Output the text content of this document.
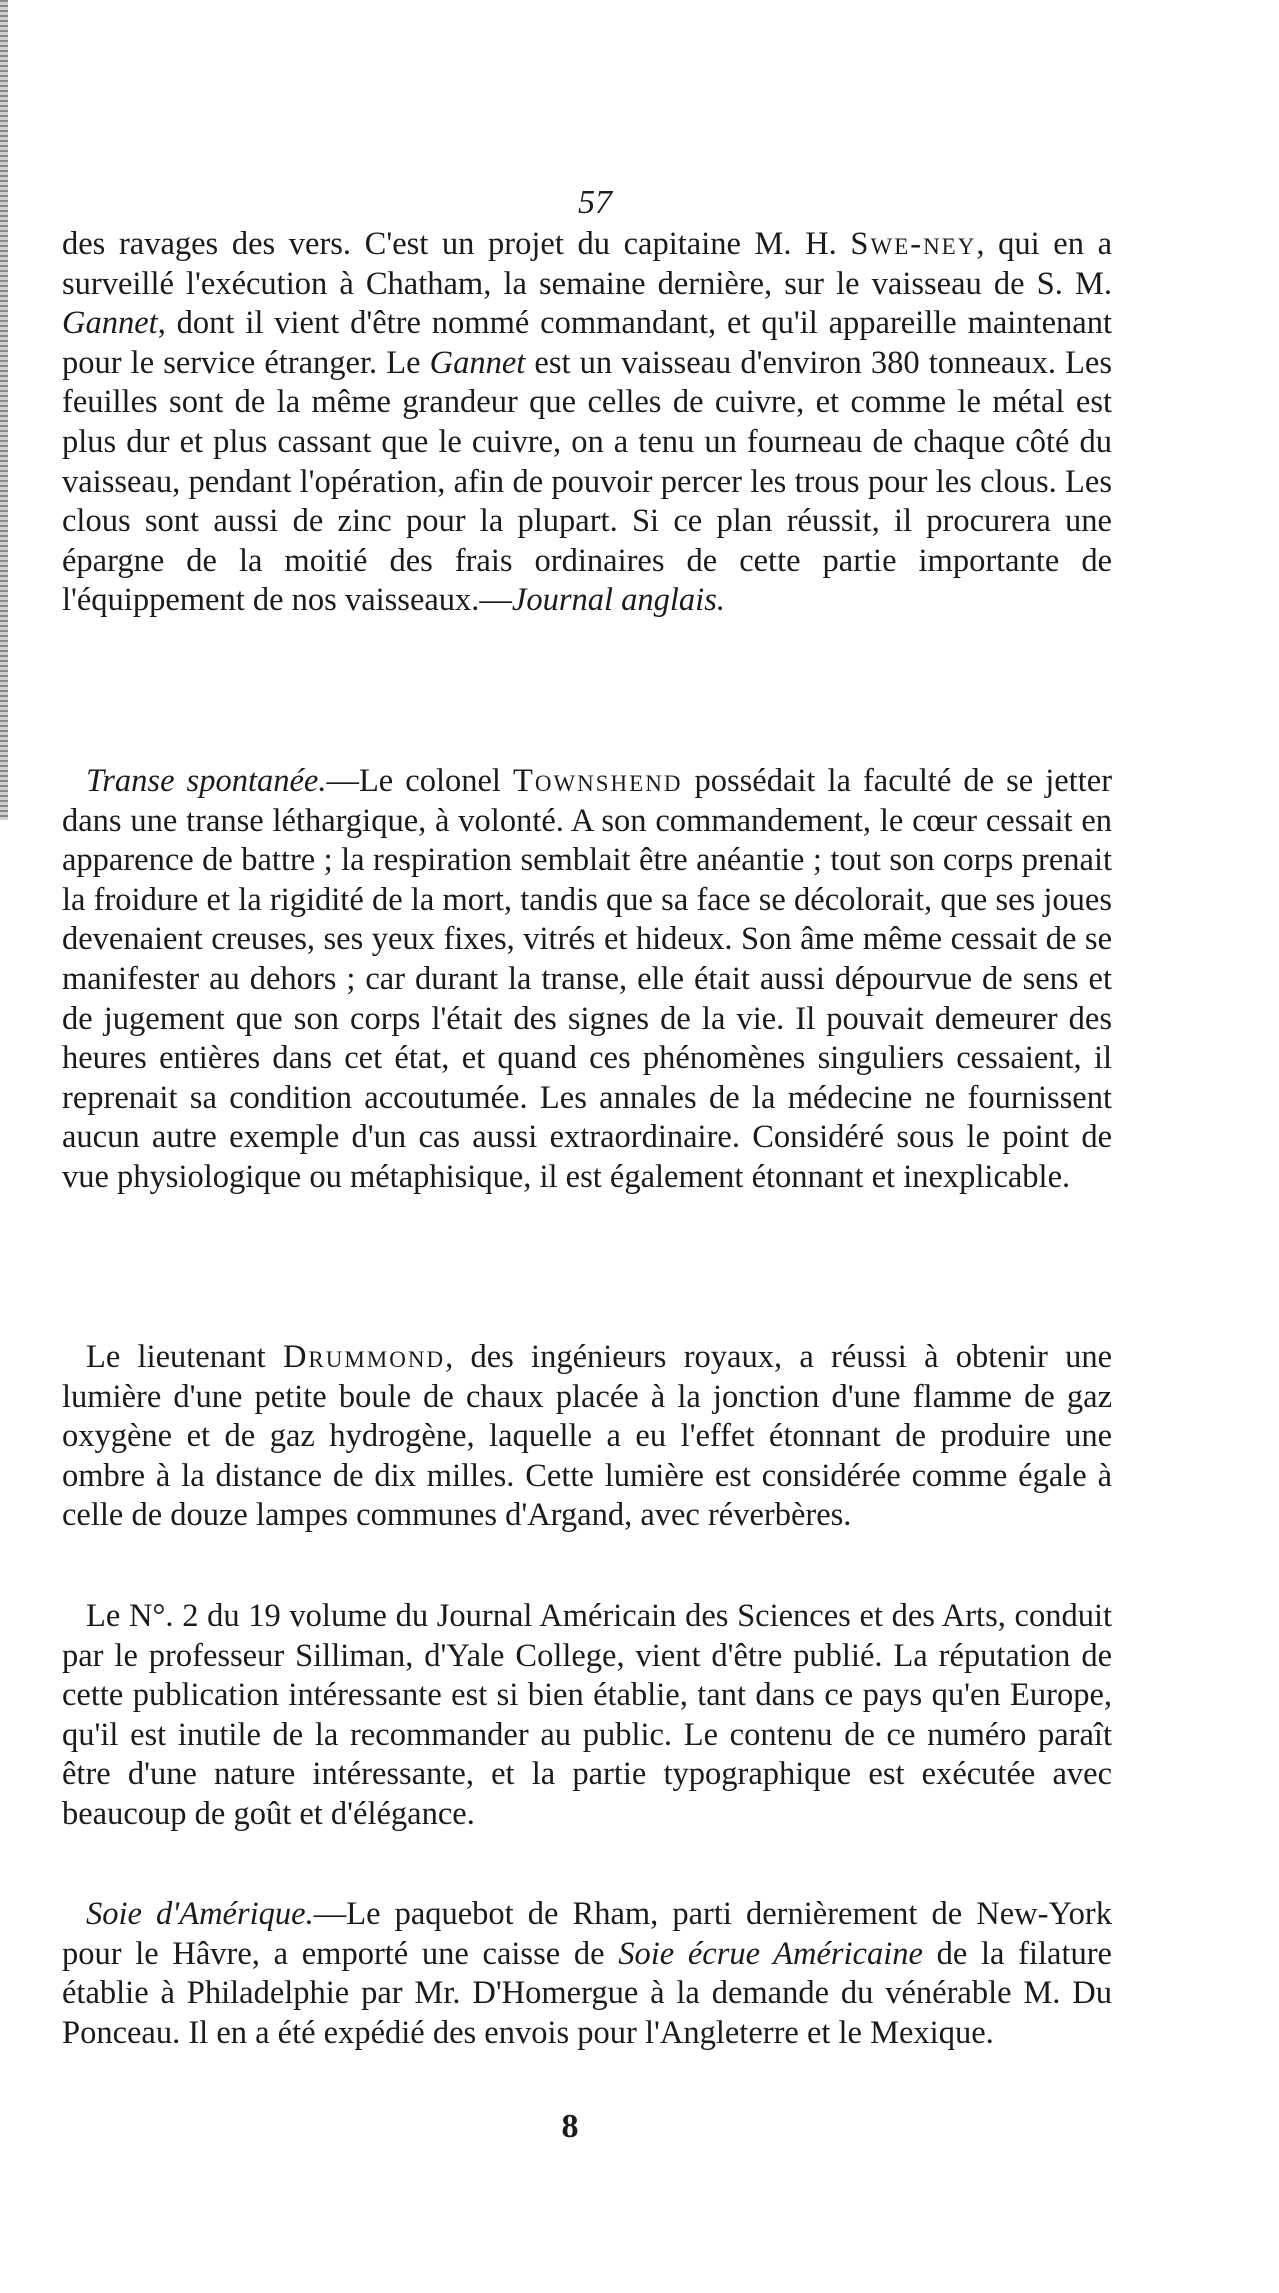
57

des ravages des vers. C'est un projet du capitaine M. H. Swe-ney, qui en a surveillé l'exécution à Chatham, la semaine dernière, sur le vaisseau de S. M. Gannet, dont il vient d'être nommé commandant, et qu'il appareille maintenant pour le service étranger. Le Gannet est un vaisseau d'environ 380 tonneaux. Les feuilles sont de la même grandeur que celles de cuivre, et comme le métal est plus dur et plus cassant que le cuivre, on a tenu un fourneau de chaque côté du vaisseau, pendant l'opération, afin de pouvoir percer les trous pour les clous. Les clous sont aussi de zinc pour la plupart. Si ce plan réussit, il procurera une épargne de la moitié des frais ordinaires de cette partie importante de l'équippement de nos vaisseaux.—Journal anglais.

Transe spontanée.—Le colonel Townshend possédait la faculté de se jetter dans une transe léthargique, à volonté. A son commandement, le cœur cessait en apparence de battre ; la respiration semblait être anéantie ; tout son corps prenait la froidure et la rigidité de la mort, tandis que sa face se décolorait, que ses joues devenaient creuses, ses yeux fixes, vitrés et hideux. Son âme même cessait de se manifester au dehors ; car durant la transe, elle était aussi dépourvue de sens et de jugement que son corps l'était des signes de la vie. Il pouvait demeurer des heures entières dans cet état, et quand ces phénomènes singuliers cessaient, il reprenait sa condition accoutumée. Les annales de la médecine ne fournissent aucun autre exemple d'un cas aussi extraordinaire. Considéré sous le point de vue physiologique ou métaphisique, il est également étonnant et inexplicable.

Le lieutenant Drummond, des ingénieurs royaux, a réussi à obtenir une lumière d'une petite boule de chaux placée à la jonction d'une flamme de gaz oxygène et de gaz hydrogène, laquelle a eu l'effet étonnant de produire une ombre à la distance de dix milles. Cette lumière est considérée comme égale à celle de douze lampes communes d'Argand, avec réverbères.

Le N°. 2 du 19 volume du Journal Américain des Sciences et des Arts, conduit par le professeur Silliman, d'Yale College, vient d'être publié. La réputation de cette publication intéressante est si bien établie, tant dans ce pays qu'en Europe, qu'il est inutile de la recommander au public. Le contenu de ce numéro paraît être d'une nature intéressante, et la partie typographique est exécutée avec beaucoup de goût et d'élégance.

Soie d'Amérique.—Le paquebot de Rham, parti dernièrement de New-York pour le Hâvre, a emporté une caisse de Soie écrue Américaine de la filature établie à Philadelphie par Mr. D'Homergue à la demande du vénérable M. Du Ponceau. Il en a été expédié des envois pour l'Angleterre et le Mexique.

8
